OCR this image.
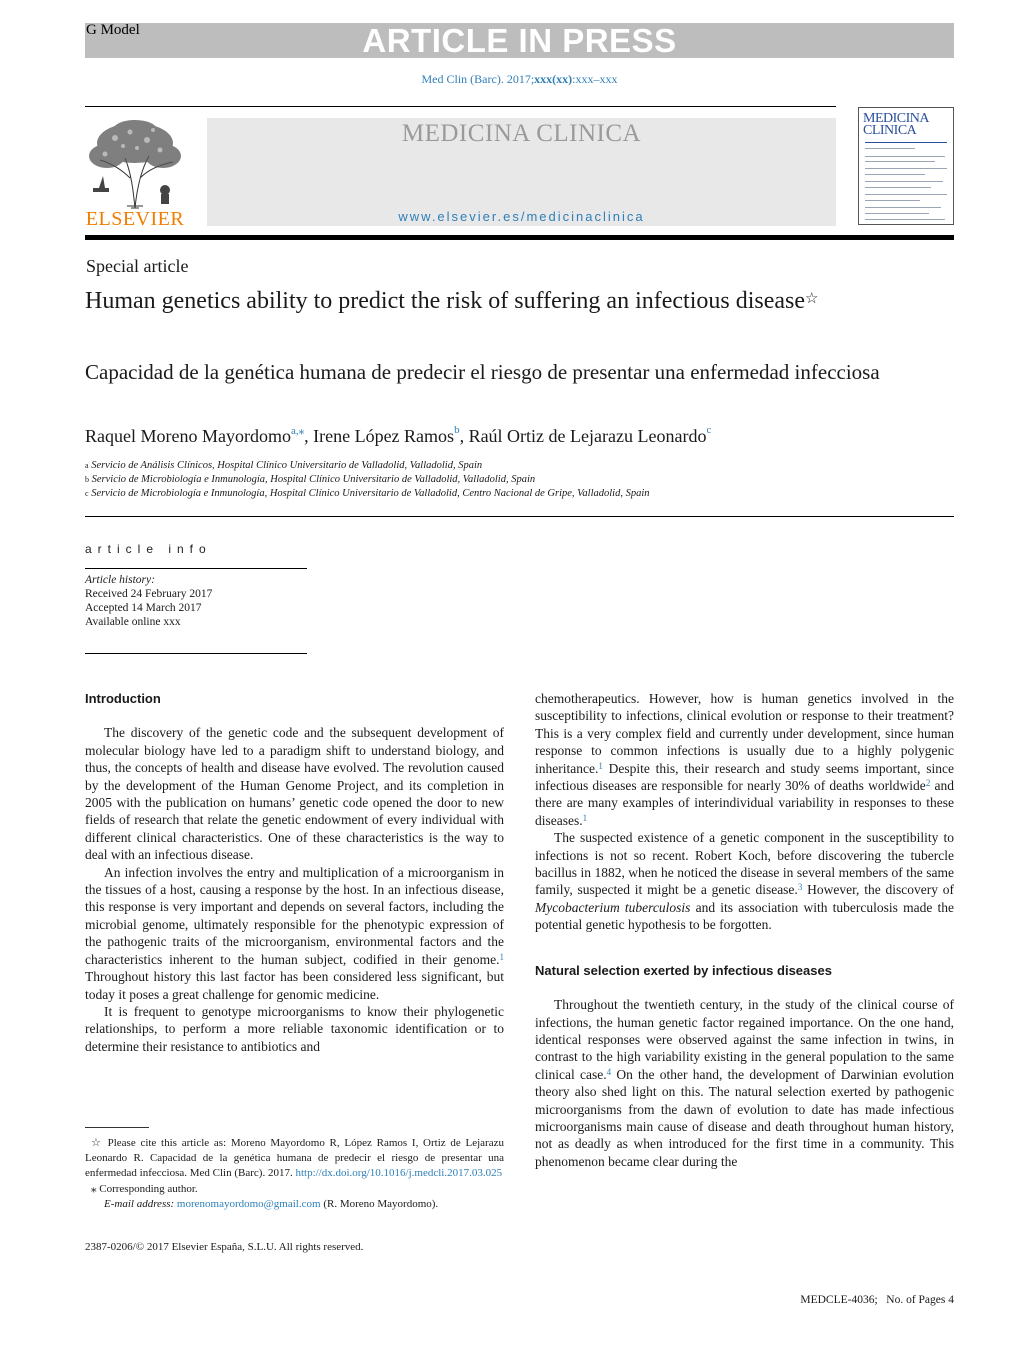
G Model	ARTICLE IN PRESS
Med Clin (Barc). 2017;xxx(xx):xxx–xxx
ELSEVIER
MEDICINA CLINICA
www.elsevier.es/medicinaclinica
MEDICINA
CLINICA
Special article
Human genetics ability to predict the risk of suffering an infectious disease☆
Capacidad de la genética humana de predecir el riesgo de presentar una enfermedad infecciosa
Raquel Moreno Mayordomo$^{a,⁎}$, Irene López Ramos$^b$, Raúl Ortiz de Lejarazu Leonardo$^c$
$^a$ Servicio de Análisis Clínicos, Hospital Clínico Universitario de Valladolid, Valladolid, Spain
$^b$ Servicio de Microbiología e Inmunología, Hospital Clínico Universitario de Valladolid, Valladolid, Spain
$^c$ Servicio de Microbiología e Inmunología, Hospital Clínico Universitario de Valladolid, Centro Nacional de Gripe, Valladolid, Spain
article info
Article history:
Received 24 February 2017
Accepted 14 March 2017
Available online xxx
Introduction

The discovery of the genetic code and the subsequent development of molecular biology have led to a paradigm shift to understand biology, and thus, the concepts of health and disease have evolved. The revolution caused by the development of the Human Genome Project, and its completion in 2005 with the publication on humans’ genetic code opened the door to new fields of research that relate the genetic endowment of every individual with different clinical characteristics. One of these characteristics is the way to deal with an infectious disease.

An infection involves the entry and multiplication of a microorganism in the tissues of a host, causing a response by the host. In an infectious disease, this response is very important and depends on several factors, including the microbial genome, ultimately responsible for the phenotypic expression of the pathogenic traits of the microorganism, environmental factors and the characteristics inherent to the human subject, codified in their genome.$^1$ Throughout history this last factor has been considered less significant, but today it poses a great challenge for genomic medicine.

It is frequent to genotype microorganisms to know their phylogenetic relationships, to perform a more reliable taxonomic identification or to determine their resistance to antibiotics and

☆ Please cite this article as: Moreno Mayordomo R, López Ramos I, Ortiz de Lejarazu Leonardo R. Capacidad de la genética humana de predecir el riesgo de presentar una enfermedad infecciosa. Med Clin (Barc). 2017. http://dx.doi.org/10.1016/j.medcli.2017.03.025
⁎ Corresponding author.
E-mail address: morenomayordomo@gmail.com (R. Moreno Mayordomo).
2387-0206/© 2017 Elsevier España, S.L.U. All rights reserved.

chemotherapeutics. However, how is human genetics involved in the susceptibility to infections, clinical evolution or response to their treatment? This is a very complex field and currently under development, since human response to common infections is usually due to a highly polygenic inheritance.$^1$ Despite this, their research and study seems important, since infectious diseases are responsible for nearly 30% of deaths worldwide$^2$ and there are many examples of interindividual variability in responses to these diseases.$^1$

The suspected existence of a genetic component in the susceptibility to infections is not so recent. Robert Koch, before discovering the tubercle bacillus in 1882, when he noticed the disease in several members of the same family, suspected it might be a genetic disease.$^3$ However, the discovery of Mycobacterium tuberculosis and its association with tuberculosis made the potential genetic hypothesis to be forgotten.

Natural selection exerted by infectious diseases

Throughout the twentieth century, in the study of the clinical course of infections, the human genetic factor regained importance. On the one hand, identical responses were observed against the same infection in twins, in contrast to the high variability existing in the general population to the same clinical case.$^4$ On the other hand, the development of Darwinian evolution theory also shed light on this. The natural selection exerted by pathogenic microorganisms from the dawn of evolution to date has made infectious microorganisms main cause of disease and death throughout human history, not as deadly as when introduced for the first time in a community. This phenomenon became clear during the

MEDCLE-4036; No. of Pages 4
